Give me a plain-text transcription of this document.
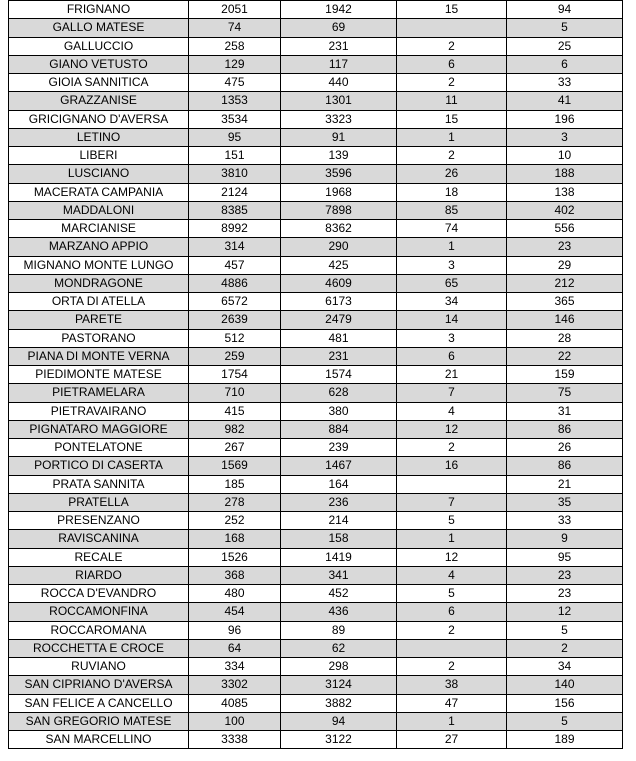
FRIGNANO	2051	1942	15	94
GALLO MATESE	74	69		5
GALLUCCIO	258	231	2	25
GIANO VETUSTO	129	117	6	6
GIOIA SANNITICA	475	440	2	33
GRAZZANISE	1353	1301	11	41
GRICIGNANO D'AVERSA	3534	3323	15	196
LETINO	95	91	1	3
LIBERI	151	139	2	10
LUSCIANO	3810	3596	26	188
MACERATA CAMPANIA	2124	1968	18	138
MADDALONI	8385	7898	85	402
MARCIANISE	8992	8362	74	556
MARZANO APPIO	314	290	1	23
MIGNANO MONTE LUNGO	457	425	3	29
MONDRAGONE	4886	4609	65	212
ORTA DI ATELLA	6572	6173	34	365
PARETE	2639	2479	14	146
PASTORANO	512	481	3	28
PIANA DI MONTE VERNA	259	231	6	22
PIEDIMONTE MATESE	1754	1574	21	159
PIETRAMELARA	710	628	7	75
PIETRAVAIRANO	415	380	4	31
PIGNATARO MAGGIORE	982	884	12	86
PONTELATONE	267	239	2	26
PORTICO DI CASERTA	1569	1467	16	86
PRATA SANNITA	185	164		21
PRATELLA	278	236	7	35
PRESENZANO	252	214	5	33
RAVISCANINA	168	158	1	9
RECALE	1526	1419	12	95
RIARDO	368	341	4	23
ROCCA D'EVANDRO	480	452	5	23
ROCCAMONFINA	454	436	6	12
ROCCAROMANA	96	89	2	5
ROCCHETTA E CROCE	64	62		2
RUVIANO	334	298	2	34
SAN CIPRIANO D'AVERSA	3302	3124	38	140
SAN FELICE A CANCELLO	4085	3882	47	156
SAN GREGORIO MATESE	100	94	1	5
SAN MARCELLINO	3338	3122	27	189
